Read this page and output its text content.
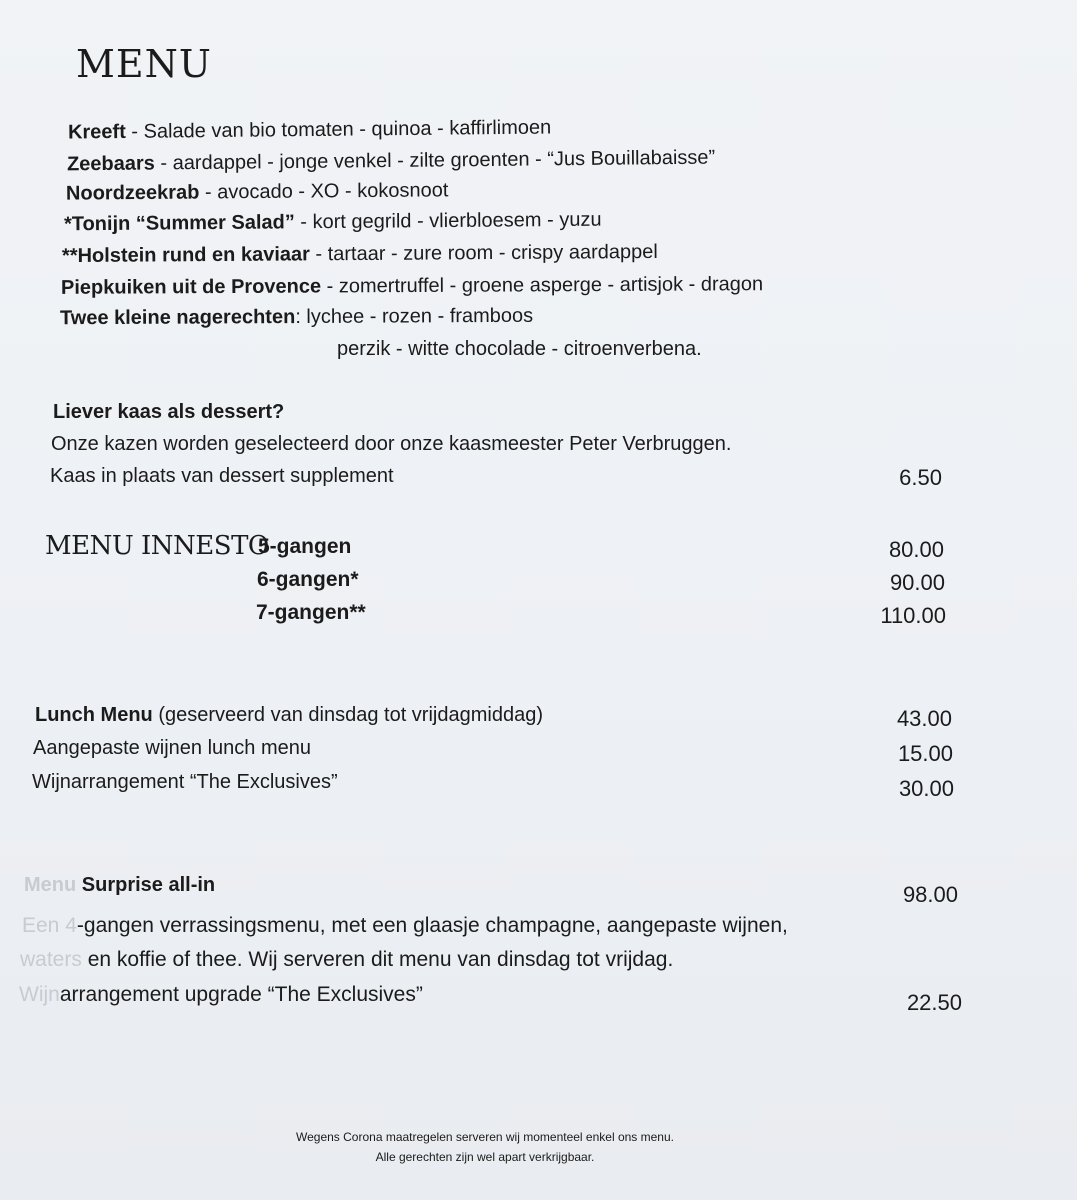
MENU
Kreeft - Salade van bio tomaten - quinoa - kaffirlimoen
Zeebaars - aardappel - jonge venkel - zilte groenten - “Jus Bouillabaisse”
Noordzeekrab - avocado - XO - kokosnoot
*Tonijn “Summer Salad” - kort gegrild - vlierbloesem - yuzu
**Holstein rund en kaviaar - tartaar - zure room - crispy aardappel
Piepkuiken uit de Provence - zomertruffel - groene asperge - artisjok - dragon
Twee kleine nagerechten: lychee - rozen - framboos
perzik - witte chocolade - citroenverbena.
Liever kaas als dessert?
Onze kazen worden geselecteerd door onze kaasmeester Peter Verbruggen.
Kaas in plaats van dessert supplement	6.50
MENU INNESTO
5-gangen	80.00
6-gangen*	90.00
7-gangen**	110.00
Lunch Menu (geserveerd van dinsdag tot vrijdagmiddag)	43.00
Aangepaste wijnen lunch menu	15.00
Wijnarrangement “The Exclusives”	30.00
Menu Surprise all-in	98.00
Een 4-gangen verrassingsmenu, met een glaasje champagne, aangepaste wijnen,
waters en koffie of thee. Wij serveren dit menu van dinsdag tot vrijdag.
Wijnarrangement upgrade “The Exclusives”	22.50
Wegens Corona maatregelen serveren wij momenteel enkel ons menu.
Alle gerechten zijn wel apart verkrijgbaar.
